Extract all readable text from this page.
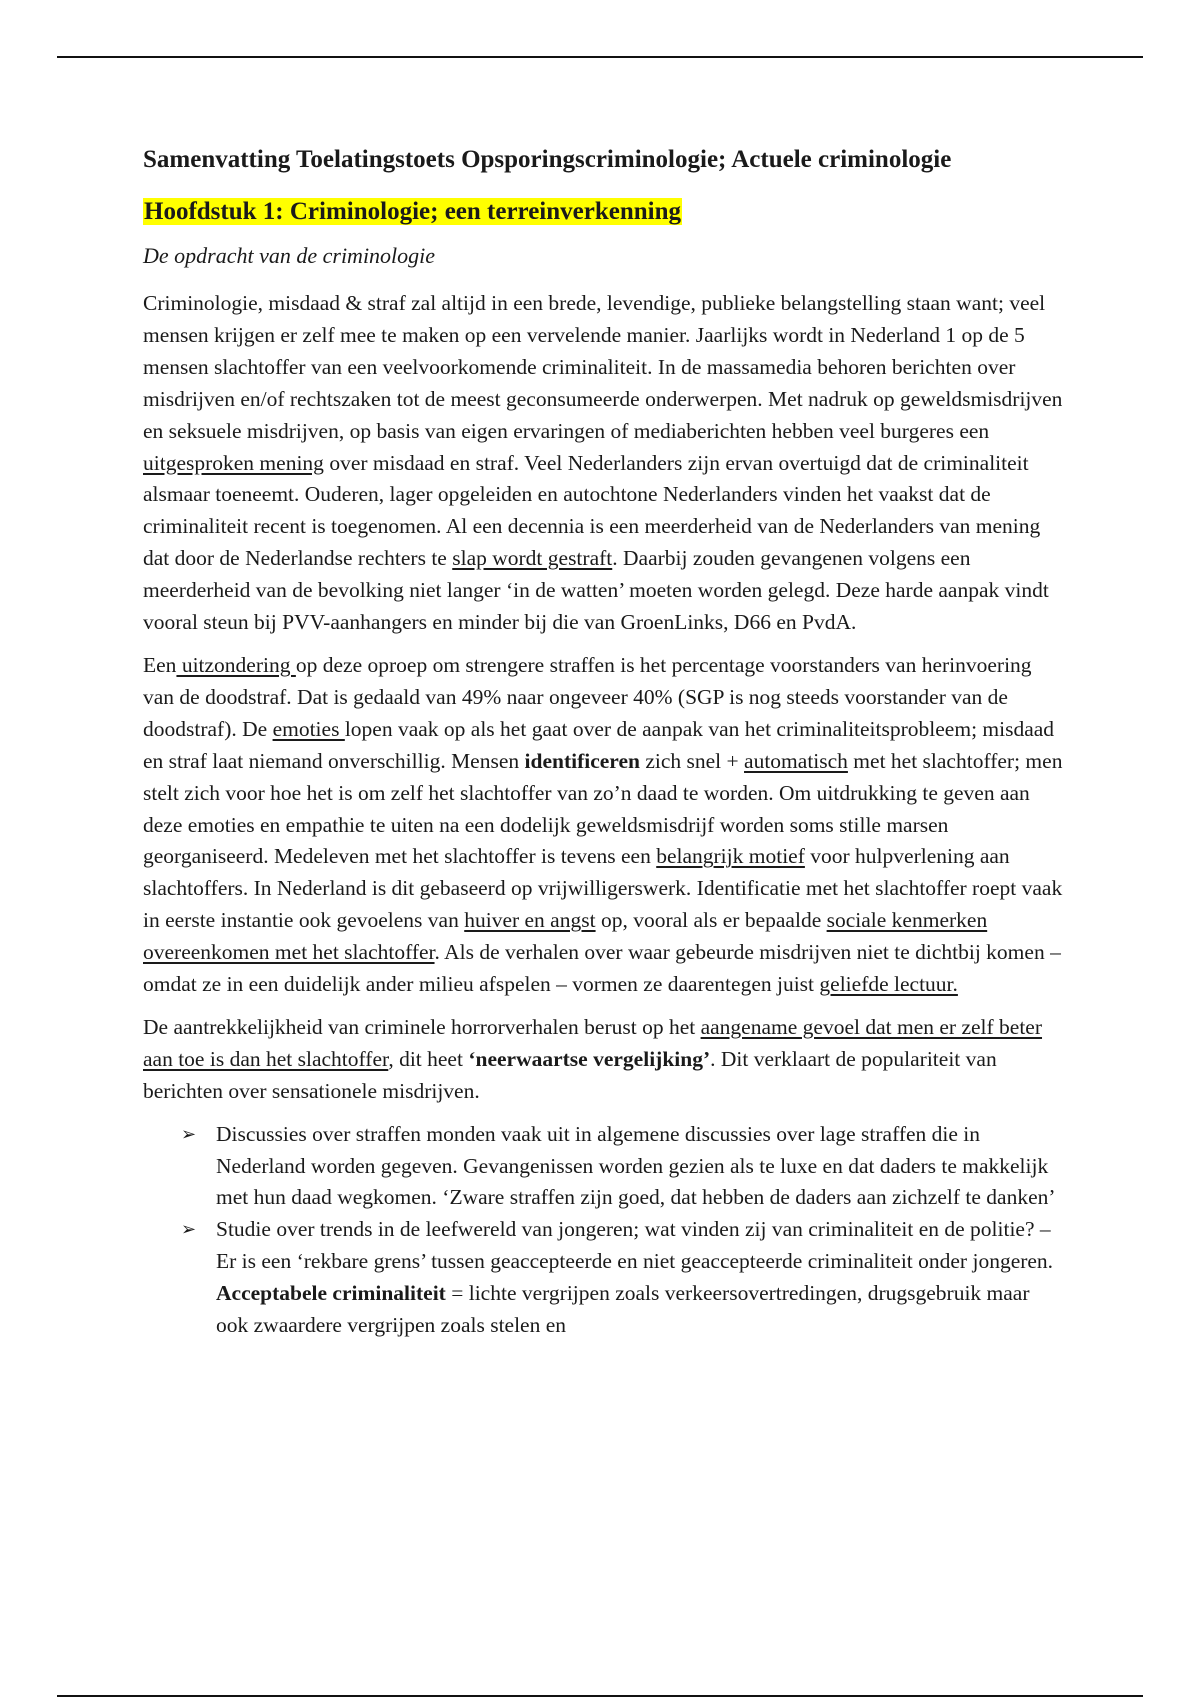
Samenvatting Toelatingstoets Opsporingscriminologie; Actuele criminologie
Hoofdstuk 1: Criminologie; een terreinverkenning
De opdracht van de criminologie

Criminologie, misdaad & straf zal altijd in een brede, levendige, publieke belangstelling staan want; veel mensen krijgen er zelf mee te maken op een vervelende manier. Jaarlijks wordt in Nederland 1 op de 5 mensen slachtoffer van een veelvoorkomende criminaliteit. In de massamedia behoren berichten over misdrijven en/of rechtszaken tot de meest geconsumeerde onderwerpen. Met nadruk op geweldsmisdrijven en seksuele misdrijven, op basis van eigen ervaringen of mediaberichten hebben veel burgeres een uitgesproken mening over misdaad en straf. Veel Nederlanders zijn ervan overtuigd dat de criminaliteit alsmaar toeneemt. Ouderen, lager opgeleiden en autochtone Nederlanders vinden het vaakst dat de criminaliteit recent is toegenomen. Al een decennia is een meerderheid van de Nederlanders van mening dat door de Nederlandse rechters te slap wordt gestraft. Daarbij zouden gevangenen volgens een meerderheid van de bevolking niet langer ‘in de watten’ moeten worden gelegd. Deze harde aanpak vindt vooral steun bij PVV-aanhangers en minder bij die van GroenLinks, D66 en PvdA.

Een uitzondering op deze oproep om strengere straffen is het percentage voorstanders van herinvoering van de doodstraf. Dat is gedaald van 49% naar ongeveer 40% (SGP is nog steeds voorstander van de doodstraf). De emoties lopen vaak op als het gaat over de aanpak van het criminaliteitsprobleem; misdaad en straf laat niemand onverschillig. Mensen identificeren zich snel + automatisch met het slachtoffer; men stelt zich voor hoe het is om zelf het slachtoffer van zo’n daad te worden. Om uitdrukking te geven aan deze emoties en empathie te uiten na een dodelijk geweldsmisdrijf worden soms stille marsen georganiseerd. Medeleven met het slachtoffer is tevens een belangrijk motief voor hulpverlening aan slachtoffers. In Nederland is dit gebaseerd op vrijwilligerswerk. Identificatie met het slachtoffer roept vaak in eerste instantie ook gevoelens van huiver en angst op, vooral als er bepaalde sociale kenmerken overeenkomen met het slachtoffer. Als de verhalen over waar gebeurde misdrijven niet te dichtbij komen – omdat ze in een duidelijk ander milieu afspelen – vormen ze daarentegen juist geliefde lectuur.

De aantrekkelijkheid van criminele horrorverhalen berust op het aangename gevoel dat men er zelf beter aan toe is dan het slachtoffer, dit heet ‘neerwaartse vergelijking’. Dit verklaart de populariteit van berichten over sensationele misdrijven.

➢ Discussies over straffen monden vaak uit in algemene discussies over lage straffen die in Nederland worden gegeven. Gevangenissen worden gezien als te luxe en dat daders te makkelijk met hun daad wegkomen. ‘Zware straffen zijn goed, dat hebben de daders aan zichzelf te danken’
➢ Studie over trends in de leefwereld van jongeren; wat vinden zij van criminaliteit en de politie? – Er is een ‘rekbare grens’ tussen geaccepteerde en niet geaccepteerde criminaliteit onder jongeren. Acceptabele criminaliteit = lichte vergrijpen zoals verkeersovertredingen, drugsgebruik maar ook zwaardere vergrijpen zoals stelen en
